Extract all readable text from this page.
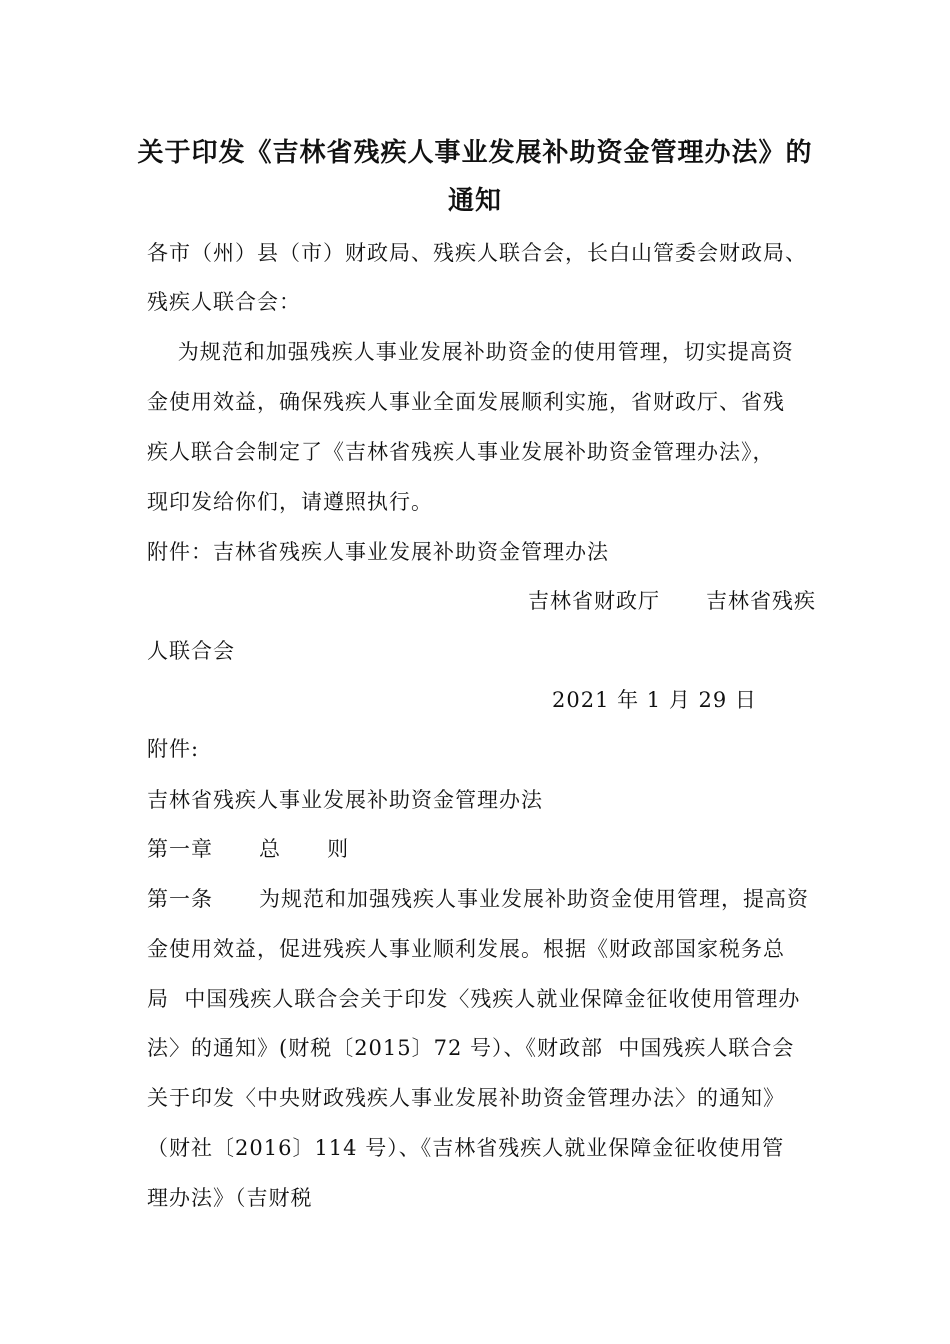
关于印发《吉林省残疾人事业发展补助资金管理办法》的
通知
各市（州）县（市）财政局、残疾人联合会，长白山管委会财政局、
残疾人联合会：
为规范和加强残疾人事业发展补助资金的使用管理，切实提高资
金使用效益，确保残疾人事业全面发展顺利实施，省财政厅、省残
疾人联合会制定了《吉林省残疾人事业发展补助资金管理办法》，
现印发给你们，请遵照执行。
附件：吉林省残疾人事业发展补助资金管理办法
吉林省财政厅      吉林省残疾
人联合会
2021 年 1 月 29 日
附件:
吉林省残疾人事业发展补助资金管理办法
第一章      总      则
第一条      为规范和加强残疾人事业发展补助资金使用管理，提高资
金使用效益，促进残疾人事业顺利发展。根据《财政部国家税务总
局  中国残疾人联合会关于印发〈残疾人就业保障金征收使用管理办
法〉的通知》(财税〔2015〕72 号）、《财政部  中国残疾人联合会
关于印发〈中央财政残疾人事业发展补助资金管理办法〉的通知》
（财社〔2016〕114 号）、《吉林省残疾人就业保障金征收使用管
理办法》（吉财税
